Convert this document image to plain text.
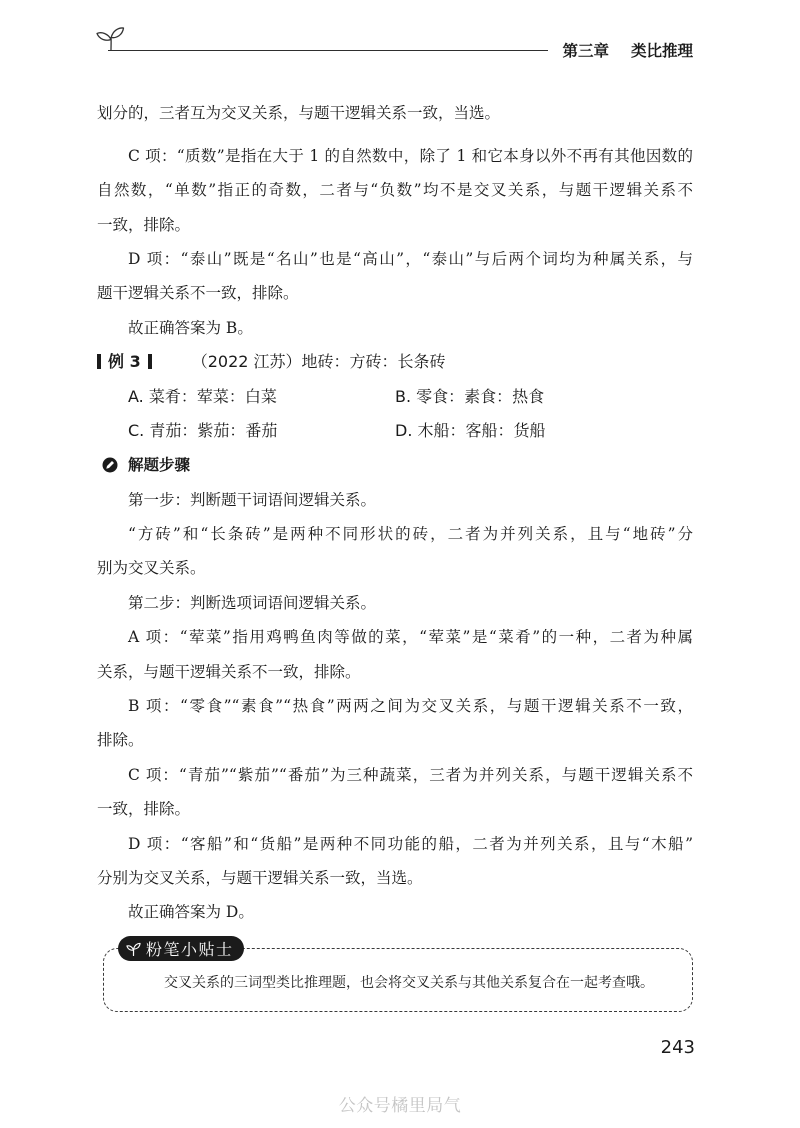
第三章 类比推理
划分的，三者互为交叉关系，与题干逻辑关系一致，当选。
C 项：“质数”是指在大于 1 的自然数中，除了 1 和它本身以外不再有其他因数的
自然数，“单数”指正的奇数，二者与“负数”均不是交叉关系，与题干逻辑关系不
一致，排除。
D 项：“泰山”既是“名山”也是“高山”，“泰山”与后两个词均为种属关系，与
题干逻辑关系不一致，排除。
故正确答案为 B。
例 3	（2022 江苏）地砖：方砖：长条砖
A. 菜肴：荤菜：白菜	B. 零食：素食：热食
C. 青茄：紫茄：番茄	D. 木船：客船：货船
解题步骤
第一步：判断题干词语间逻辑关系。
“方砖”和“长条砖”是两种不同形状的砖，二者为并列关系，且与“地砖”分
别为交叉关系。
第二步：判断选项词语间逻辑关系。
A 项：“荤菜”指用鸡鸭鱼肉等做的菜，“荤菜”是“菜肴”的一种，二者为种属
关系，与题干逻辑关系不一致，排除。
B 项：“零食”“素食”“热食”两两之间为交叉关系，与题干逻辑关系不一致，
排除。
C 项：“青茄”“紫茄”“番茄”为三种蔬菜，三者为并列关系，与题干逻辑关系不
一致，排除。
D 项：“客船”和“货船”是两种不同功能的船，二者为并列关系，且与“木船”
分别为交叉关系，与题干逻辑关系一致，当选。
故正确答案为 D。
交叉关系的三词型类比推理题，也会将交叉关系与其他关系复合在一起考查哦。
粉笔小贴士
243
公众号橘里局气
